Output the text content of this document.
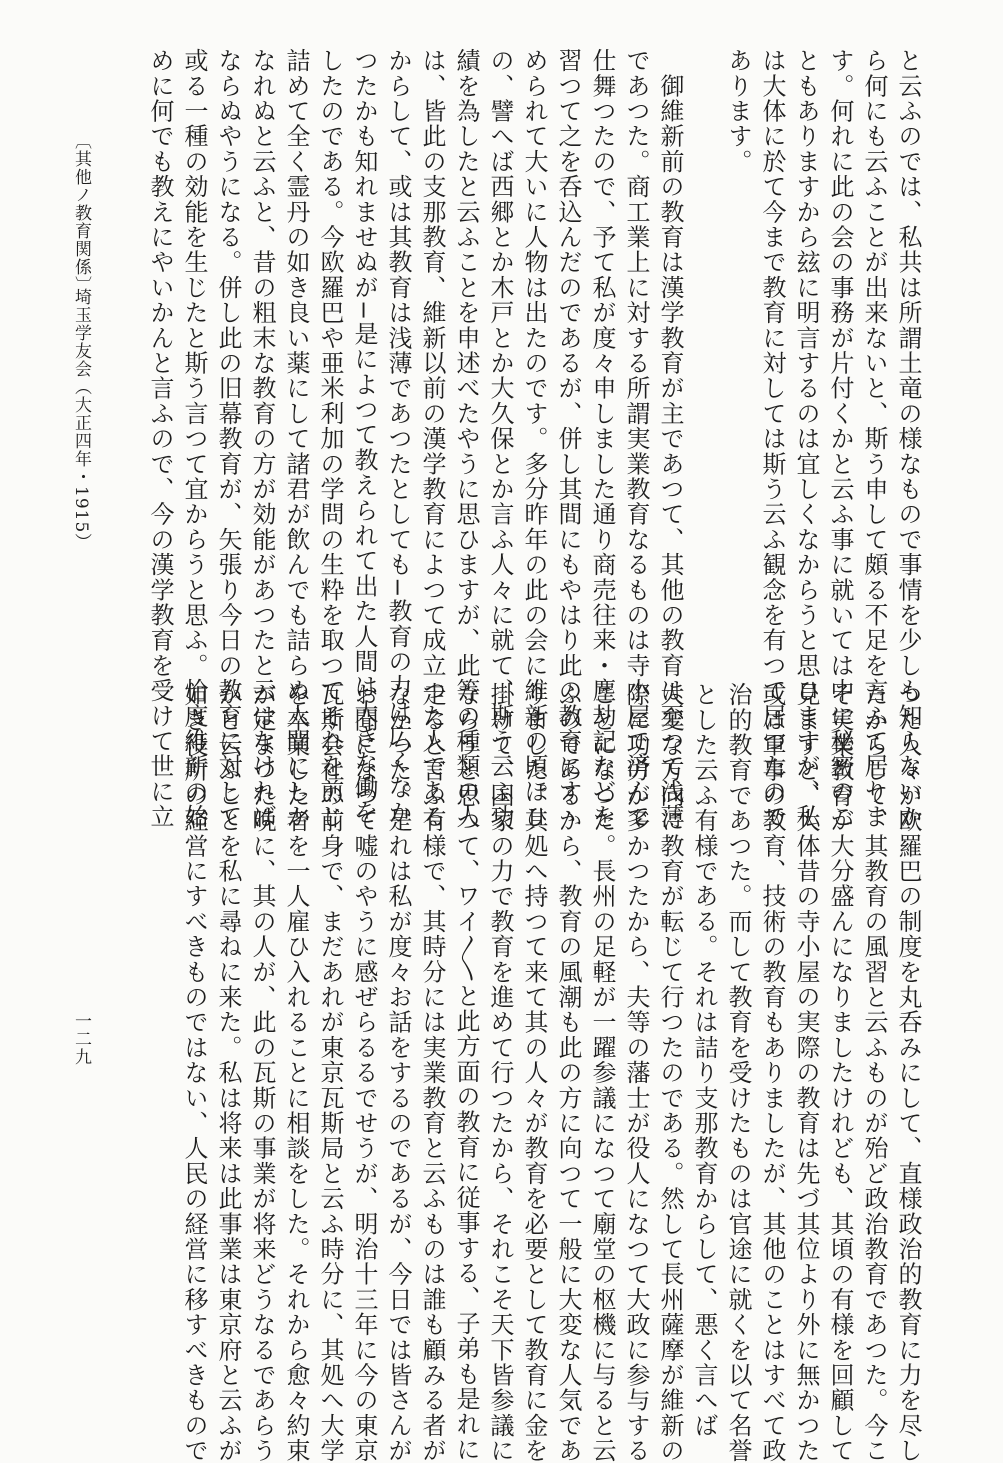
と云ふのでは、私共は所謂土竜の様なもので事情を少しも知らないか
ら何にも云ふことが出来ないと、斯う申して頗る不足を言ふて居りま
す。何れに此の会の事務が片付くかと云ふ事に就いては中に秘密のこ
ともありますから玆に明言するのは宜しくなからうと思ひますが、私
は大体に於て今まで教育に対しては斯う云ふ観念を有つて居つたので
あります。
　御維新前の教育は漢学教育が主であつて、其他の教育は至つて浅薄
であつた。商工業上に対する所謂実業教育なるものは寺小屋で済んで
仕舞つたので、予て私が度々申しました通り商売往来・塵劫記などを
習つて之を呑込んだのであるが、併し其間にもやはり此の教育にすゝ
められて大いに人物は出たのです。多分昨年の此の会に維新の頃ほひ
の、譬へば西郷とか木戸とか大久保とか言ふ人々に就て、斯う云ふ功
績を為したと云ふことを申述べたやうに思ひますが、此等の種類の人
は、皆此の支那教育、維新以前の漢学教育によつて成立つた人である
からして、或は其教育は浅薄であつたとしても−教育の力は広くなか
つたかも知れませぬが−是によつて教えられて出た人間は大きな働を
したのである。今欧羅巴や亜米利加の学問の生粋を取つてそれを煎じ
詰めて全く霊丹の如き良い薬にして諸君が飲んでも詰らぬ人間にしか
なれぬと云ふと、昔の粗末な教育の方が効能があつたと云はなければ
ならぬやうになる。併し此の旧幕教育が、矢張り今日の教育に対して
或る一種の効能を生じたと斯う言つて宜からうと思ふ。恰度維新の始
めに何でも教えにやいかんと言ふので、今の漢学教育を受けて世に立
つた人々が欧羅巴の制度を丸呑みにして、直様政治的教育に力を尽し
たからして、其教育の風習と云ふものが殆ど政治教育であつた。今こ
そ実業教育が大分盛んになりましたけれども、其頃の有様を回顧して
見ますと、大体昔の寺小屋の実際の教育は先づ其位より外に無かつた
或は軍事の教育、技術の教育もありましたが、其他のことはすべて政
治的教育であつた。而して教育を受けたものは官途に就くを以て名誉
とした云ふ有様である。それは詰り支那教育からして、悪く言へば
大変な方向に教育が転じて行つたのである。然して長州薩摩が維新の
際に功労が多かつたから、夫等の藩士が役人になつて大政に参与する
ことになつた。長州の足軽が一躍参議になつて廟堂の枢機に与ると云
ふのであるから、教育の風潮も此の方に向つて一般に大変な人気であ
りました。其処へ持つて来て其の人々が教育を必要として教育に金を
掛けて、国家の力で教育を進めて行つたから、それこそ天下皆参議に
ならうと思つて、ワイ〳〵と此方面の教育に従事する、子弟も是れに
走ると言ふ有様で、其時分には実業教育と云ふものは誰も顧みる者が
なかつた。是れは私が度々お話をするのであるが、今日では皆さんが
お聞になつて嘘のやうに感ぜらるるでせうが、明治十三年に今の東京
瓦斯会社の前身で、まだあれが東京瓦斯局と云ふ時分に、其処へ大学
を卒業した者を一人雇ひ入れることに相談をした。それから愈々約束
が定まつた晩に、其の人が、此の瓦斯の事業が将来どうなるであらう
かと云ふことを私に尋ねに来た。私は将来は此事業は東京府と云ふが
如き役所の経営にすべきものではない、人民の経営に移すべきもので
〔其他ノ教育関係〕
埼玉学友会（大正四年・1915）
一二九
